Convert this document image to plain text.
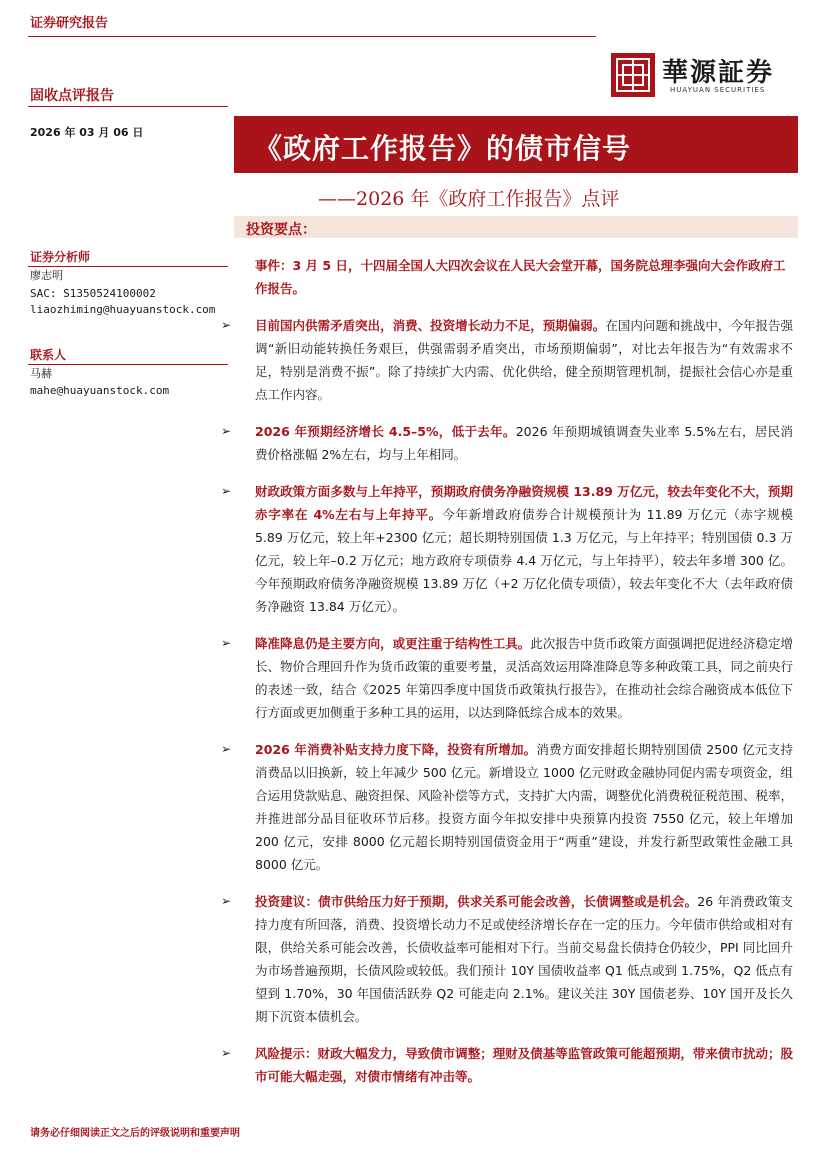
证券研究报告
固收点评报告
華源証券
HUAYUAN SECURITIES
2026 年 03 月 06 日	《政府工作报告》的债市信号
——2026 年《政府工作报告》点评
投资要点：
证券分析师
廖志明
SAC: S1350524100002
liaozhiming@huayuanstock.com
联系人
马赫
mahe@huayuanstock.com

事件：3 月 5 日，十四届全国人大四次会议在人民大会堂开幕，国务院总理李强向大会作政府工作报告。

➢ 目前国内供需矛盾突出，消费、投资增长动力不足，预期偏弱。在国内问题和挑战中，今年报告强调“新旧动能转换任务艰巨，供强需弱矛盾突出，市场预期偏弱”，对比去年报告为“有效需求不足，特别是消费不振”。除了持续扩大内需、优化供给，健全预期管理机制，提振社会信心亦是重点工作内容。

➢ 2026 年预期经济增长 4.5–5%，低于去年。2026 年预期城镇调查失业率 5.5%左右，居民消费价格涨幅 2%左右，均与上年相同。

➢ 财政政策方面多数与上年持平，预期政府债务净融资规模 13.89 万亿元，较去年变化不大，预期赤字率在 4%左右与上年持平。今年新增政府债券合计规模预计为 11.89 万亿元（赤字规模 5.89 万亿元，较上年+2300 亿元；超长期特别国债 1.3 万亿元，与上年持平；特别国债 0.3 万亿元，较上年–0.2 万亿元；地方政府专项债券 4.4 万亿元，与上年持平），较去年多增 300 亿。今年预期政府债务净融资规模 13.89 万亿（+2 万亿化债专项债），较去年变化不大（去年政府债务净融资 13.84 万亿元）。

➢ 降准降息仍是主要方向，或更注重于结构性工具。此次报告中货币政策方面强调把促进经济稳定增长、物价合理回升作为货币政策的重要考量，灵活高效运用降准降息等多种政策工具，同之前央行的表述一致，结合《2025 年第四季度中国货币政策执行报告》，在推动社会综合融资成本低位下行方面或更加侧重于多种工具的运用，以达到降低综合成本的效果。

➢ 2026 年消费补贴支持力度下降，投资有所增加。消费方面安排超长期特别国债 2500 亿元支持消费品以旧换新，较上年减少 500 亿元。新增设立 1000 亿元财政金融协同促内需专项资金，组合运用贷款贴息、融资担保、风险补偿等方式，支持扩大内需，调整优化消费税征税范围、税率，并推进部分品目征收环节后移。投资方面今年拟安排中央预算内投资 7550 亿元，较上年增加 200 亿元，安排 8000 亿元超长期特别国债资金用于“两重”建设，并发行新型政策性金融工具 8000 亿元。

➢ 投资建议：债市供给压力好于预期，供求关系可能会改善，长债调整或是机会。26 年消费政策支持力度有所回落，消费、投资增长动力不足或使经济增长存在一定的压力。今年债市供给或相对有限，供给关系可能会改善，长债收益率可能相对下行。当前交易盘长债持仓仍较少，PPI 同比回升为市场普遍预期，长债风险或较低。我们预计 10Y 国债收益率 Q1 低点或到 1.75%，Q2 低点有望到 1.70%，30 年国债活跃券 Q2 可能走向 2.1%。建议关注 30Y 国债老券、10Y 国开及长久期下沉资本债机会。

➢ 风险提示：财政大幅发力，导致债市调整；理财及债基等监管政策可能超预期，带来债市扰动；股市可能大幅走强，对债市情绪有冲击等。

请务必仔细阅读正文之后的评级说明和重要声明
